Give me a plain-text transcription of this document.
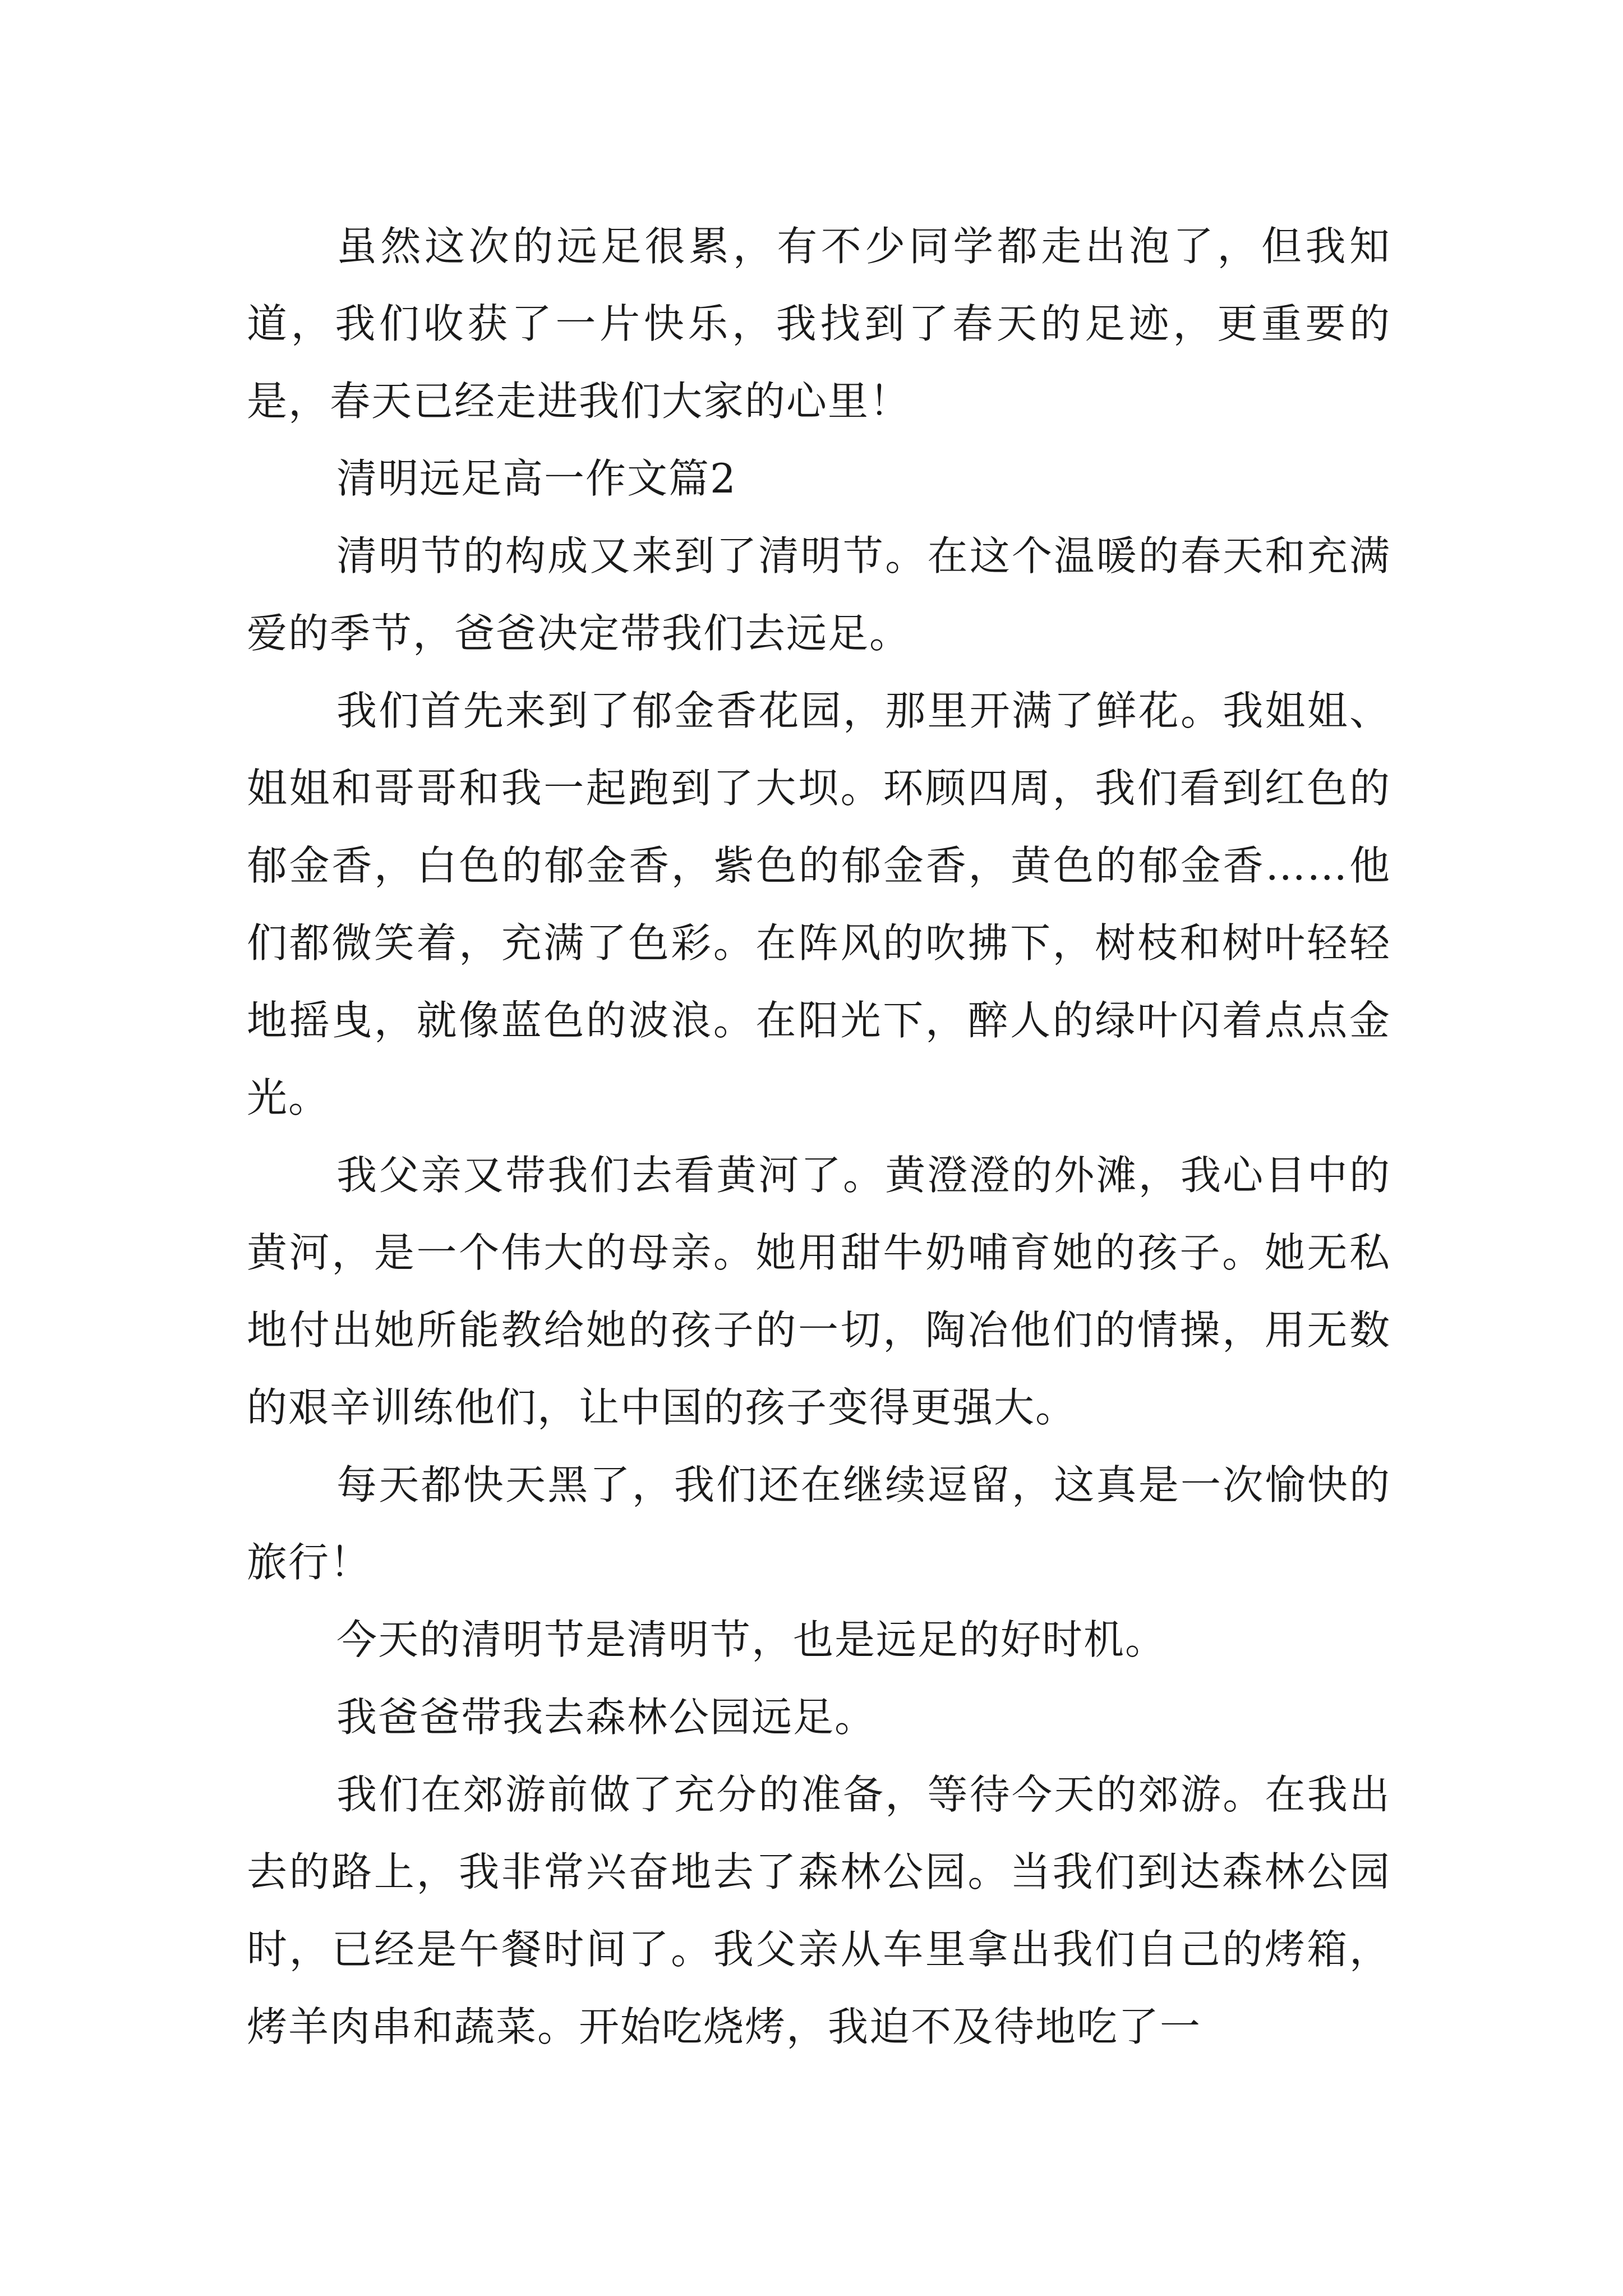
虽然这次的远足很累，有不少同学都走出泡了，但我知道，我们收获了一片快乐，我找到了春天的足迹，更重要的是，春天已经走进我们大家的心里！

清明远足高一作文篇2

清明节的构成又来到了清明节。在这个温暖的春天和充满爱的季节，爸爸决定带我们去远足。

我们首先来到了郁金香花园，那里开满了鲜花。我姐姐、姐姐和哥哥和我一起跑到了大坝。环顾四周，我们看到红色的郁金香，白色的郁金香，紫色的郁金香，黄色的郁金香……他们都微笑着，充满了色彩。在阵风的吹拂下，树枝和树叶轻轻地摇曳，就像蓝色的波浪。在阳光下，醉人的绿叶闪着点点金光。

我父亲又带我们去看黄河了。黄澄澄的外滩，我心目中的黄河，是一个伟大的母亲。她用甜牛奶哺育她的孩子。她无私地付出她所能教给她的孩子的一切，陶冶他们的情操，用无数的艰辛训练他们，让中国的孩子变得更强大。

每天都快天黑了，我们还在继续逗留，这真是一次愉快的旅行！

今天的清明节是清明节，也是远足的好时机。

我爸爸带我去森林公园远足。

我们在郊游前做了充分的准备，等待今天的郊游。在我出去的路上，我非常兴奋地去了森林公园。当我们到达森林公园时，已经是午餐时间了。我父亲从车里拿出我们自己的烤箱，烤羊肉串和蔬菜。开始吃烧烤，我迫不及待地吃了一
